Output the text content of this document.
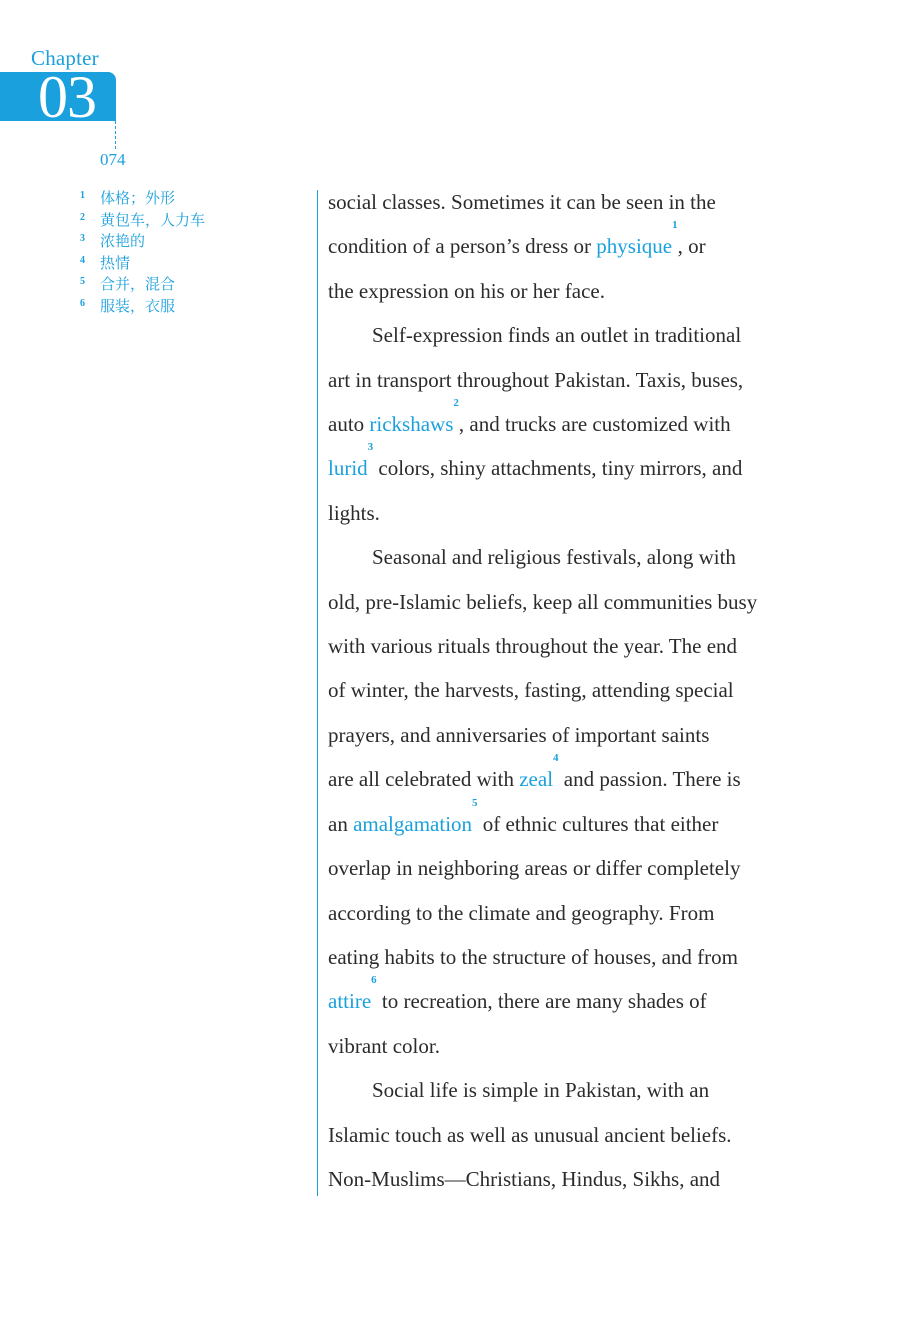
Chapter
03
074
1 体格；外形
2 黄包车，人力车
3 浓艳的
4 热情
5 合并，混合
6 服装，衣服
social classes. Sometimes it can be seen in the
condition of a person’s dress or physique$^1$, or
the expression on his or her face.
Self-expression finds an outlet in traditional
art in transport throughout Pakistan. Taxis, buses,
auto rickshaws$^2$, and trucks are customized with
lurid$^3$ colors, shiny attachments, tiny mirrors, and
lights.
Seasonal and religious festivals, along with
old, pre-Islamic beliefs, keep all communities busy
with various rituals throughout the year. The end
of winter, the harvests, fasting, attending special
prayers, and anniversaries of important saints
are all celebrated with zeal$^4$ and passion. There is
an amalgamation$^5$ of ethnic cultures that either
overlap in neighboring areas or differ completely
according to the climate and geography. From
eating habits to the structure of houses, and from
attire$^6$ to recreation, there are many shades of
vibrant color.
Social life is simple in Pakistan, with an
Islamic touch as well as unusual ancient beliefs.
Non-Muslims—Christians, Hindus, Sikhs, and
